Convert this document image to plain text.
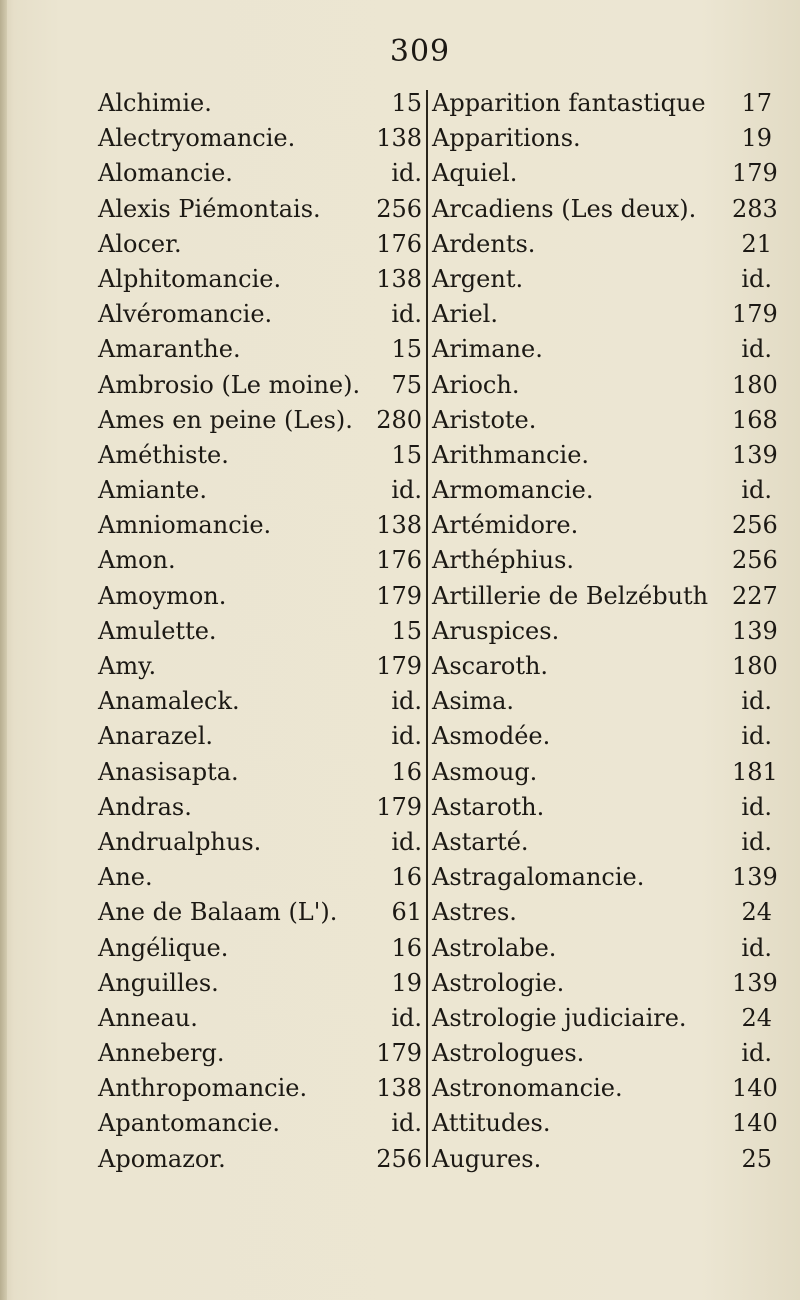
309
Alchimie.
Alectryomancie.
Alomancie.
Alexis Piémontais.
Alocer.
Alphitomancie.
Alvéromancie.
Amaranthe.
Ambrosio (Le moine).
Ames en peine (Les).
Améthiste.
Amiante.
Amniomancie.
Amon.
Amoymon.
Amulette.
Amy.
Anamaleck.
Anarazel.
Anasisapta.
Andras.
Andrualphus.
Ane.
Ane de Balaam (L').
Angélique.
Anguilles.
Anneau.
Anneberg.
Anthropomancie.
Apantomancie.
Apomazor.
15
138
id.
256
176
138
id.
15
75
280
15
id.
138
176
179
15
179
id.
id.
16
179
id.
16
61
16
19
id.
179
138
id.
256
Apparition fantastique
Apparitions.
Aquiel.
Arcadiens (Les deux).
Ardents.
Argent.
Ariel.
Arimane.
Arioch.
Aristote.
Arithmancie.
Armomancie.
Artémidore.
Arthéphius.
Artillerie de Belzébuth
Aruspices.
Ascaroth.
Asima.
Asmodée.
Asmoug.
Astaroth.
Astarté.
Astragalomancie.
Astres.
Astrolabe.
Astrologie.
Astrologie judiciaire.
Astrologues.
Astronomancie.
Attitudes.
Augures.
17
19
179
283
21
id.
179
id.
180
168
139
id.
256
256
227
139
180
id.
id.
181
id.
id.
139
24
id.
139
24
id.
140
140
25
